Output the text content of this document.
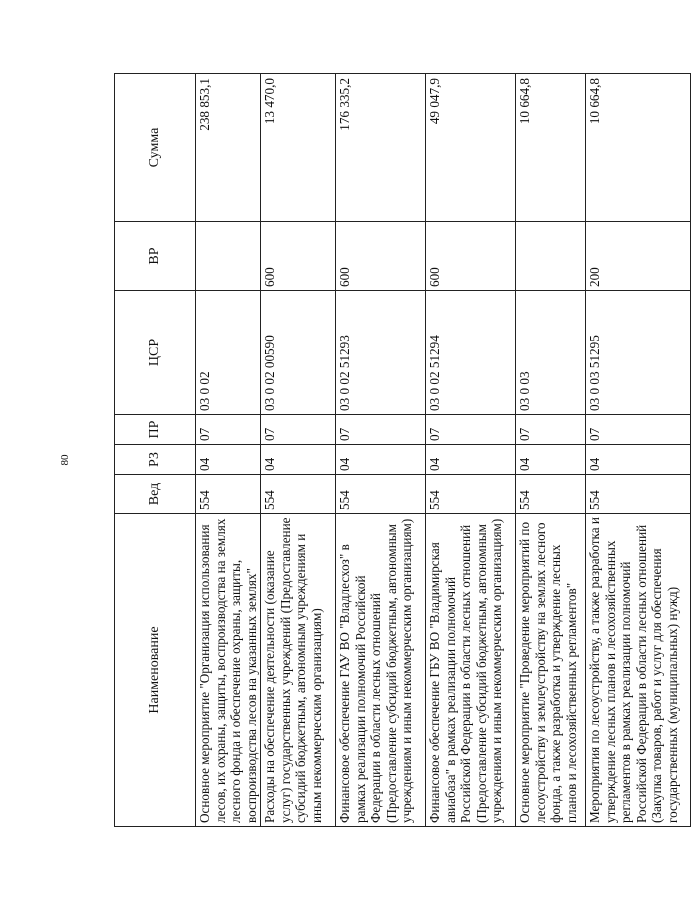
80
Наименование	Вед	РЗ	ПР	ЦСР	ВР	Сумма
Основное мероприятие "Организация использования лесов, их охраны, защиты, воспроизводства на землях лесного фонда и обеспечение охраны, защиты, воспроизводства лесов на указанных землях"	554	04	07	03 0 02		238 853,1
Расходы на обеспечение деятельности (оказание услуг) государственных учреждений (Предоставление субсидий бюджетным, автономным учреждениям и иным некоммерческим организациям)	554	04	07	03 0 02 00590	600	13 470,0
Финансовое обеспечение ГАУ ВО "Владлесхоз" в рамках реализации полномочий Российской Федерации в области лесных отношений (Предоставление субсидий бюджетным, автономным учреждениям и иным некоммерческим организациям)	554	04	07	03 0 02 51293	600	176 335,2
Финансовое обеспечение ГБУ ВО "Владимирская авиабаза" в рамках реализации полномочий Российской Федерации в области лесных отношений (Предоставление субсидий бюджетным, автономным учреждениям и иным некоммерческим организациям)	554	04	07	03 0 02 51294	600	49 047,9
Основное мероприятие "Проведение мероприятий по лесоустройству и землеустройству на землях лесного фонда, а также разработка и утверждение лесных планов и лесохозяйственных регламентов"	554	04	07	03 0 03		10 664,8
Мероприятия по лесоустройству, а также разработка и утверждение лесных планов и лесохозяйственных регламентов в рамках реализации полномочий Российской Федерации в области лесных отношений (Закупка товаров, работ и услуг для обеспечения государственных (муниципальных) нужд)	554	04	07	03 0 03 51295	200	10 664,8
